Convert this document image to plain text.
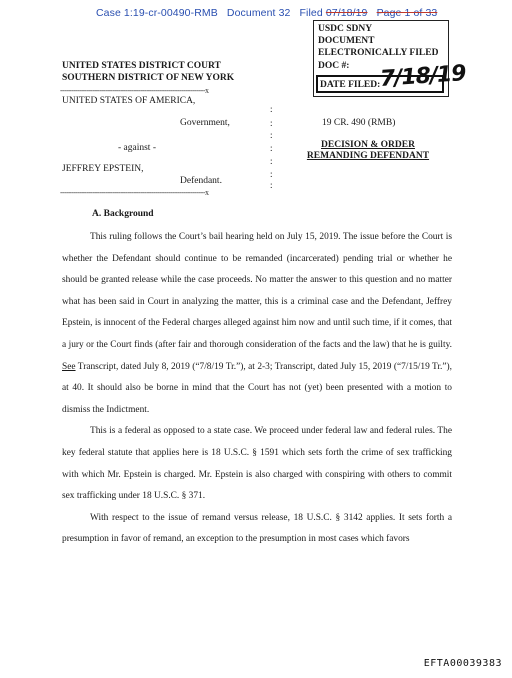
Case 1:19-cr-00490-RMB Document 32 Filed 07/18/19 Page 1 of 33
USDC SDNY
DOCUMENT
ELECTRONICALLY FILED
DOC #:
DATE FILED:
7/18/19
UNITED STATES DISTRICT COURT
SOUTHERN DISTRICT OF NEW YORK
-------------------------------------------------------------------x
UNITED STATES OF AMERICA,
Government,
- against -
JEFFREY EPSTEIN,
Defendant.
-------------------------------------------------------------------x
:
:
:
:
:
:
:
19 CR. 490 (RMB)
DECISION & ORDER
REMANDING DEFENDANT
A. Background

This ruling follows the Court’s bail hearing held on July 15, 2019. The issue before the Court is whether the Defendant should continue to be remanded (incarcerated) pending trial or whether he should be granted release while the case proceeds. No matter the answer to this question and no matter what has been said in Court in analyzing the matter, this is a criminal case and the Defendant, Jeffrey Epstein, is innocent of the Federal charges alleged against him now and until such time, if it comes, that a jury or the Court finds (after fair and thorough consideration of the facts and the law) that he is guilty. See Transcript, dated July 8, 2019 (“7/8/19 Tr.”), at 2-3; Transcript, dated July 15, 2019 (“7/15/19 Tr.”), at 40. It should also be borne in mind that the Court has not (yet) been presented with a motion to dismiss the Indictment.

This is a federal as opposed to a state case. We proceed under federal law and federal rules. The key federal statute that applies here is 18 U.S.C. § 1591 which sets forth the crime of sex trafficking with which Mr. Epstein is charged. Mr. Epstein is also charged with conspiring with others to commit sex trafficking under 18 U.S.C. § 371.

With respect to the issue of remand versus release, 18 U.S.C. § 3142 applies. It sets forth a presumption in favor of remand, an exception to the presumption in most cases which favors

EFTA00039383
